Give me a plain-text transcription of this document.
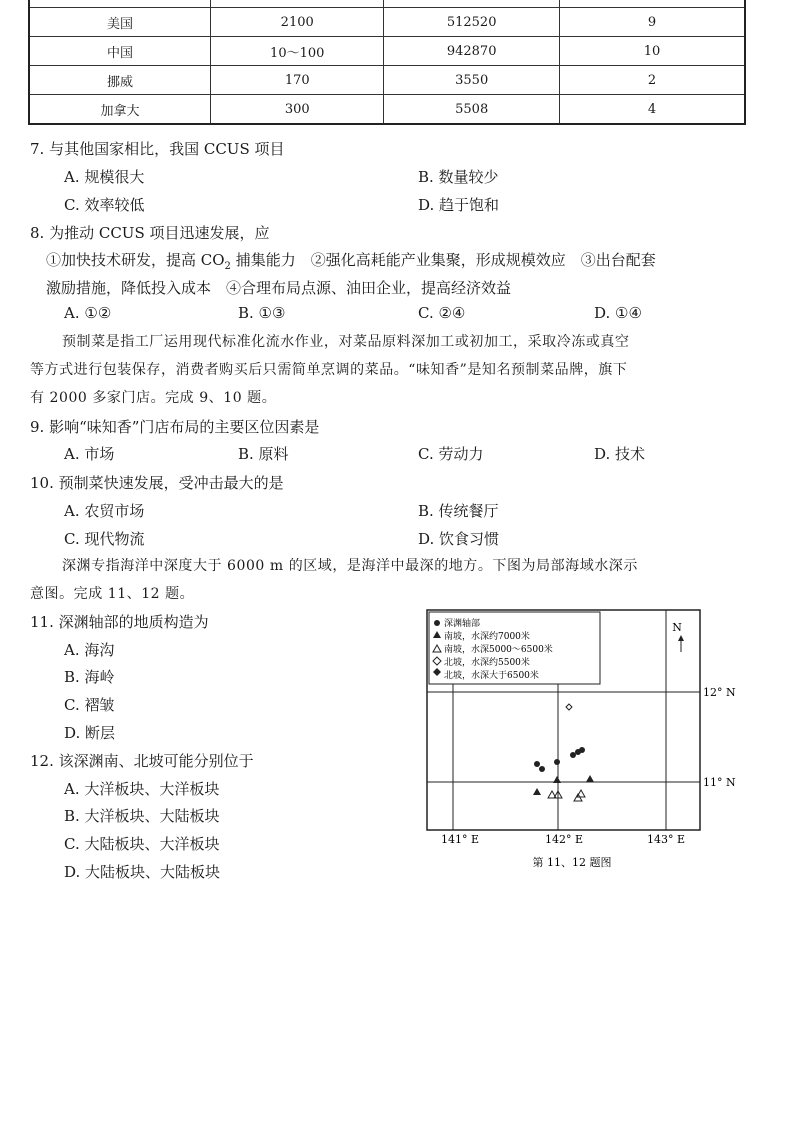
美国	2100	512520	9
中国	10～100	942870	10
挪威	170	3550	2
加拿大	300	5508	4
7. 与其他国家相比，我国 CCUS 项目
A. 规模很大	B. 数量较少
C. 效率较低	D. 趋于饱和
8. 为推动 CCUS 项目迅速发展，应
①加快技术研发，提高 $CO_2$ 捕集能力　②强化高耗能产业集聚，形成规模效应　③出台配套
激励措施，降低投入成本　④合理布局点源、油田企业，提高经济效益
A. ①②	B. ①③	C. ②④	D. ①④
预制菜是指工厂运用现代标准化流水作业，对菜品原料深加工或初加工，采取冷冻或真空
等方式进行包装保存，消费者购买后只需简单烹调的菜品。“味知香”是知名预制菜品牌，旗下
有 2000 多家门店。完成 9、10 题。
9. 影响“味知香”门店布局的主要区位因素是
A. 市场	B. 原料	C. 劳动力	D. 技术
10. 预制菜快速发展，受冲击最大的是
A. 农贸市场	B. 传统餐厅
C. 现代物流	D. 饮食习惯
深渊专指海洋中深度大于 6000 m 的区域，是海洋中最深的地方。下图为局部海域水深示
意图。完成 11、12 题。
11. 深渊轴部的地质构造为
A. 海沟
B. 海岭
C. 褶皱
D. 断层
12. 该深渊南、北坡可能分别位于
A. 大洋板块、大洋板块
B. 大洋板块、大陆板块
C. 大陆板块、大洋板块
D. 大陆板块、大陆板块
深渊轴部
南坡，水深约7000米
南坡，水深5000～6500米
北坡，水深约5500米
北坡，水深大于6500米
N
12° N
11° N
141° E	142° E	143° E
第 11、12 题图
